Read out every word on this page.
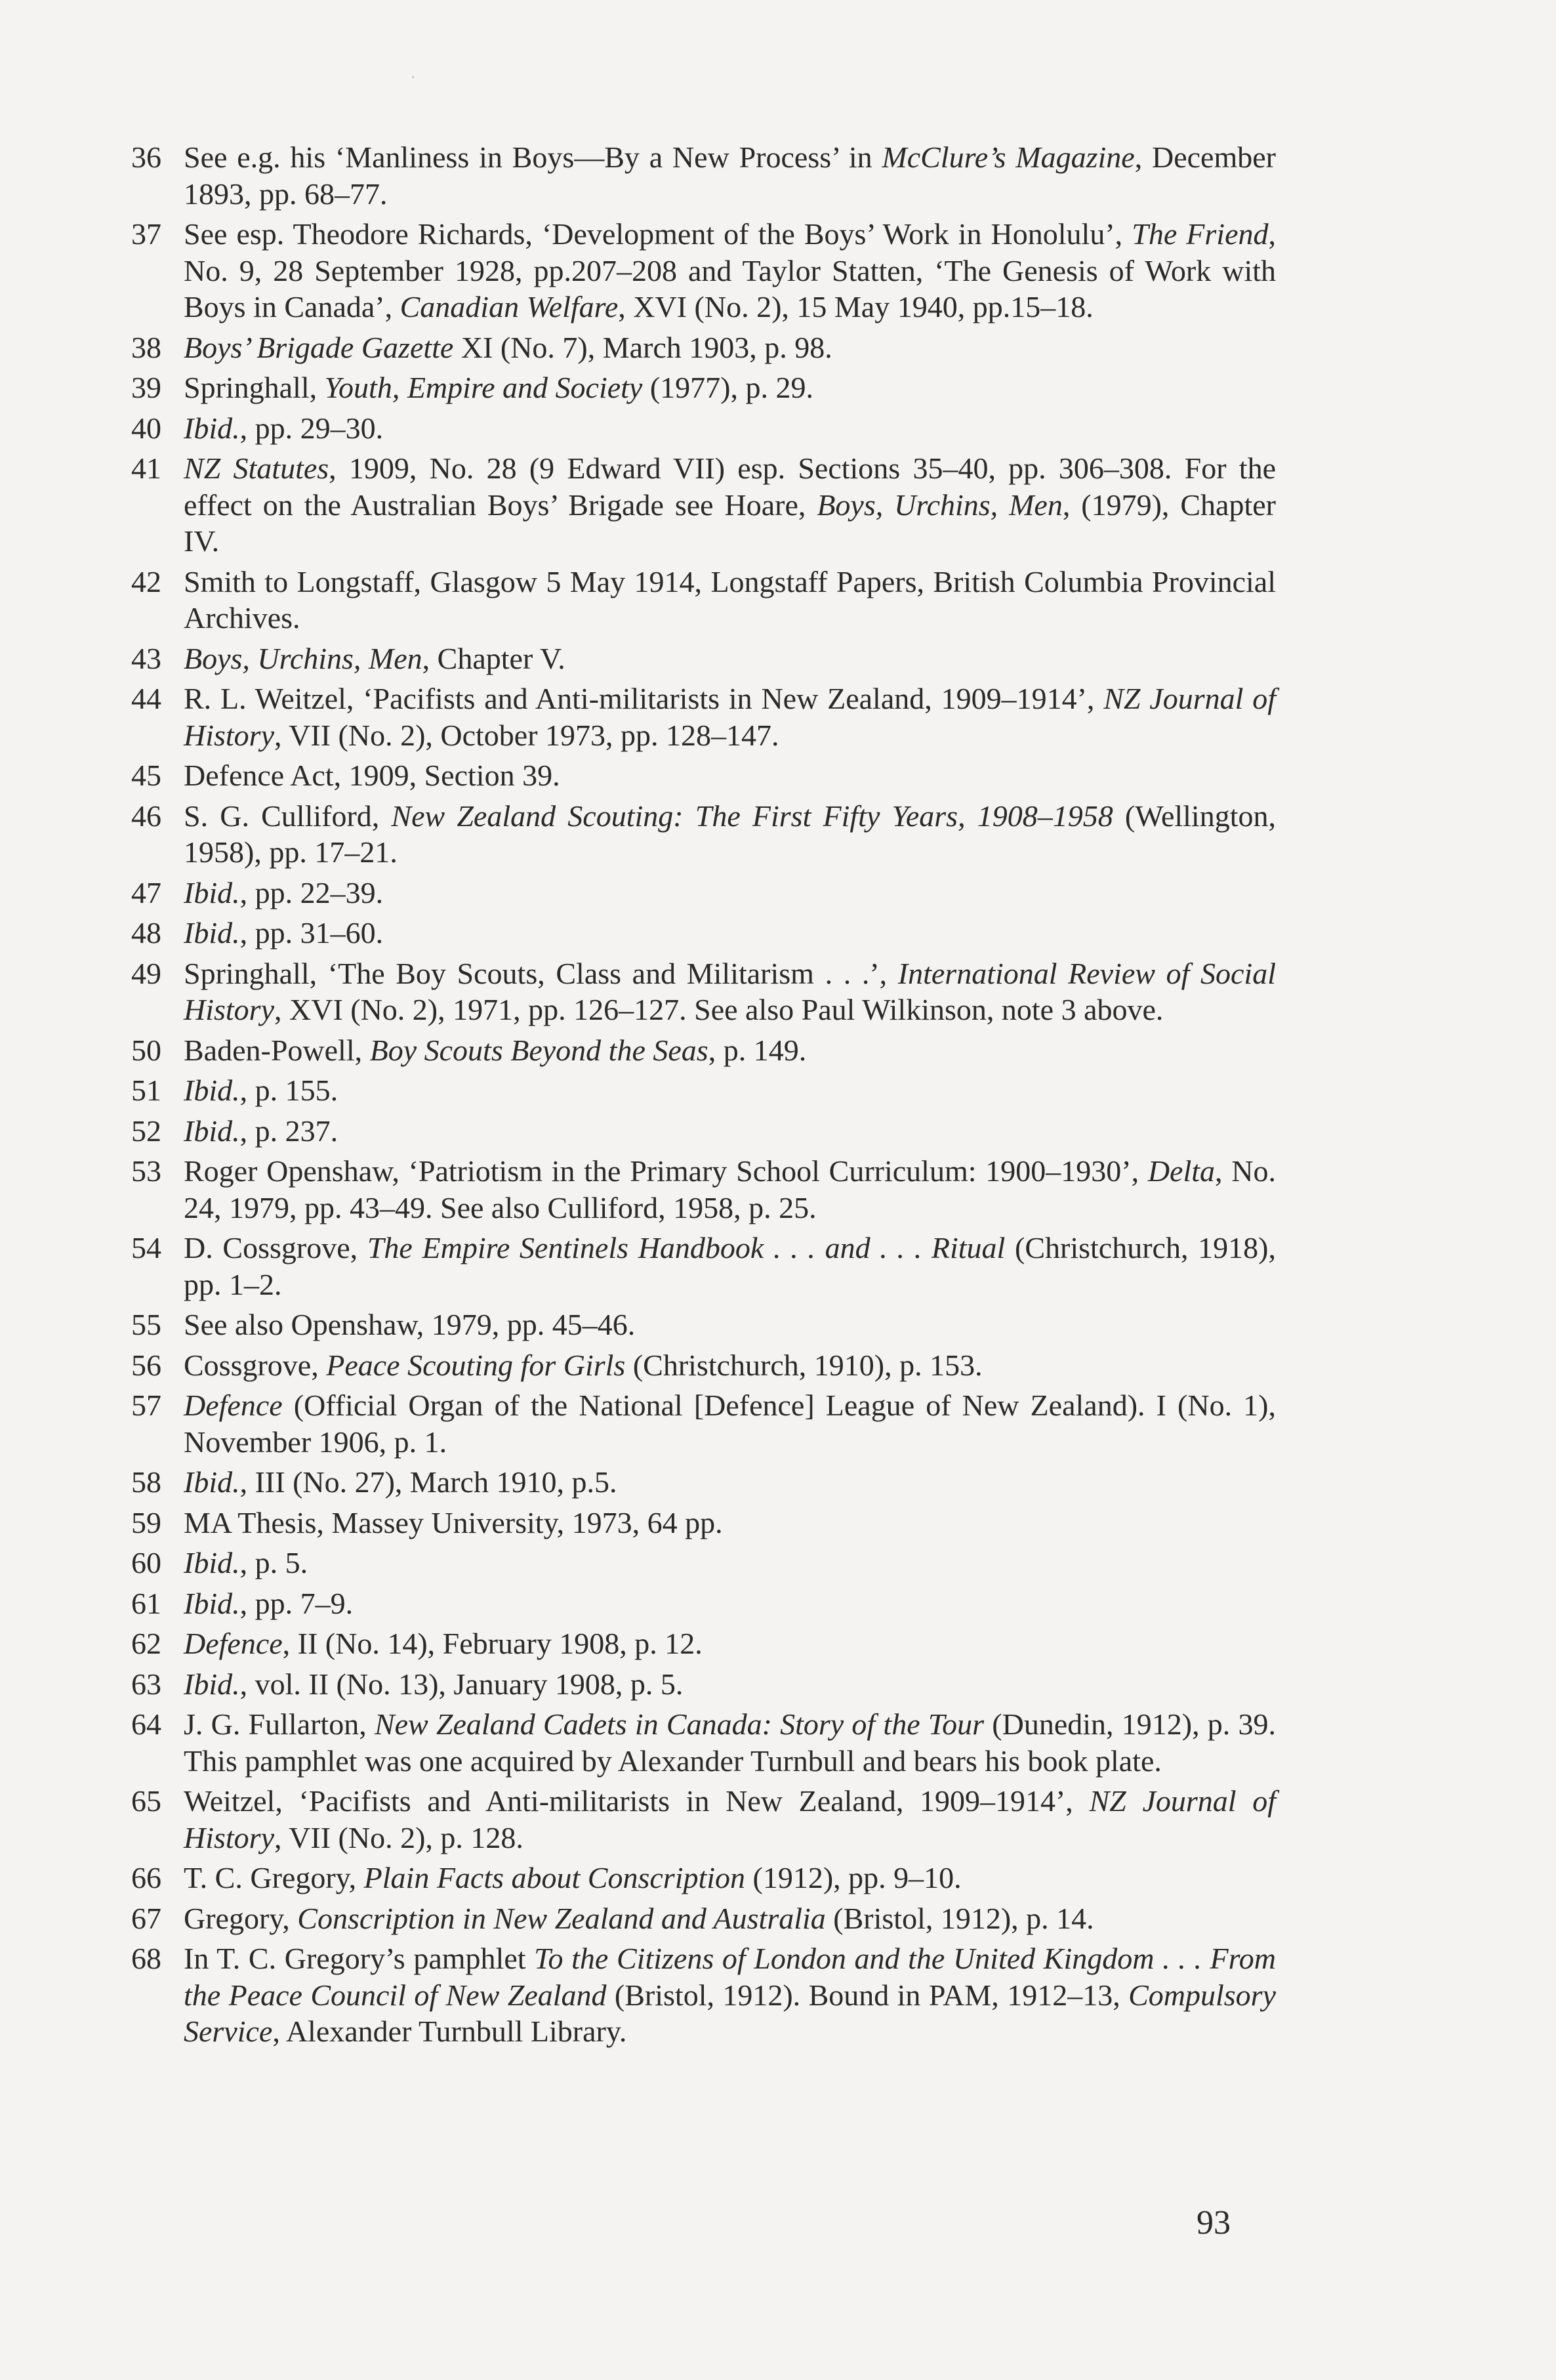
36 See e.g. his ‘Manliness in Boys—By a New Process’ in McClure’s Magazine, December 1893, pp. 68–77.
37 See esp. Theodore Richards, ‘Development of the Boys’ Work in Honolulu’, The Friend, No. 9, 28 September 1928, pp.207–208 and Taylor Statten, ‘The Genesis of Work with Boys in Canada’, Canadian Welfare, XVI (No. 2), 15 May 1940, pp.15–18.
38 Boys’ Brigade Gazette XI (No. 7), March 1903, p. 98.
39 Springhall, Youth, Empire and Society (1977), p. 29.
40 Ibid., pp. 29–30.
41 NZ Statutes, 1909, No. 28 (9 Edward VII) esp. Sections 35–40, pp. 306–308. For the effect on the Australian Boys’ Brigade see Hoare, Boys, Urchins, Men, (1979), Chapter IV.
42 Smith to Longstaff, Glasgow 5 May 1914, Longstaff Papers, British Columbia Provincial Archives.
43 Boys, Urchins, Men, Chapter V.
44 R. L. Weitzel, ‘Pacifists and Anti-militarists in New Zealand, 1909–1914’, NZ Journal of History, VII (No. 2), October 1973, pp. 128–147.
45 Defence Act, 1909, Section 39.
46 S. G. Culliford, New Zealand Scouting: The First Fifty Years, 1908–1958 (Wellington, 1958), pp. 17–21.
47 Ibid., pp. 22–39.
48 Ibid., pp. 31–60.
49 Springhall, ‘The Boy Scouts, Class and Militarism . . .’, International Review of Social History, XVI (No. 2), 1971, pp. 126–127. See also Paul Wilkinson, note 3 above.
50 Baden-Powell, Boy Scouts Beyond the Seas, p. 149.
51 Ibid., p. 155.
52 Ibid., p. 237.
53 Roger Openshaw, ‘Patriotism in the Primary School Curriculum: 1900–1930’, Delta, No. 24, 1979, pp. 43–49. See also Culliford, 1958, p. 25.
54 D. Cossgrove, The Empire Sentinels Handbook . . . and . . . Ritual (Christchurch, 1918), pp. 1–2.
55 See also Openshaw, 1979, pp. 45–46.
56 Cossgrove, Peace Scouting for Girls (Christchurch, 1910), p. 153.
57 Defence (Official Organ of the National [Defence] League of New Zealand). I (No. 1), November 1906, p. 1.
58 Ibid., III (No. 27), March 1910, p.5.
59 MA Thesis, Massey University, 1973, 64 pp.
60 Ibid., p. 5.
61 Ibid., pp. 7–9.
62 Defence, II (No. 14), February 1908, p. 12.
63 Ibid., vol. II (No. 13), January 1908, p. 5.
64 J. G. Fullarton, New Zealand Cadets in Canada: Story of the Tour (Dunedin, 1912), p. 39. This pamphlet was one acquired by Alexander Turnbull and bears his book plate.
65 Weitzel, ‘Pacifists and Anti-militarists in New Zealand, 1909–1914’, NZ Journal of History, VII (No. 2), p. 128.
66 T. C. Gregory, Plain Facts about Conscription (1912), pp. 9–10.
67 Gregory, Conscription in New Zealand and Australia (Bristol, 1912), p. 14.
68 In T. C. Gregory’s pamphlet To the Citizens of London and the United Kingdom . . . From the Peace Council of New Zealand (Bristol, 1912). Bound in PAM, 1912–13, Compulsory Service, Alexander Turnbull Library.
93
